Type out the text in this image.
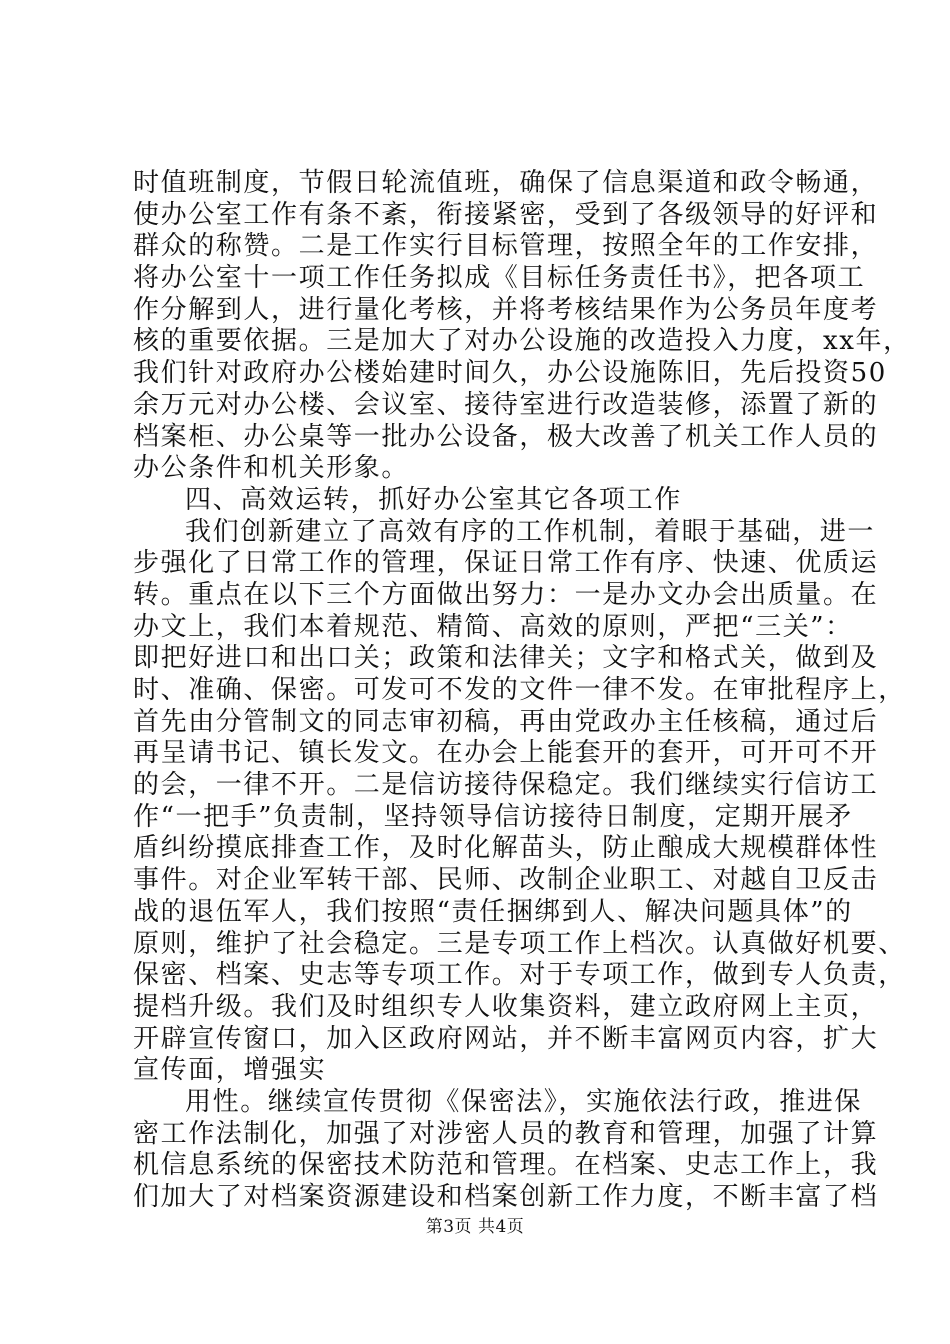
时值班制度，节假日轮流值班，确保了信息渠道和政令畅通，
使办公室工作有条不紊，衔接紧密，受到了各级领导的好评和
群众的称赞。二是工作实行目标管理，按照全年的工作安排，
将办公室十一项工作任务拟成《目标任务责任书》，把各项工
作分解到人，进行量化考核，并将考核结果作为公务员年度考
核的重要依据。三是加大了对办公设施的改造投入力度，xx年，
我们针对政府办公楼始建时间久，办公设施陈旧，先后投资50
余万元对办公楼、会议室、接待室进行改造装修，添置了新的
档案柜、办公桌等一批办公设备，极大改善了机关工作人员的
办公条件和机关形象。
四、高效运转，抓好办公室其它各项工作
我们创新建立了高效有序的工作机制，着眼于基础，进一
步强化了日常工作的管理，保证日常工作有序、快速、优质运
转。重点在以下三个方面做出努力：一是办文办会出质量。在
办文上，我们本着规范、精简、高效的原则，严把“三关”：
即把好进口和出口关；政策和法律关；文字和格式关，做到及
时、准确、保密。可发可不发的文件一律不发。在审批程序上，
首先由分管制文的同志审初稿，再由党政办主任核稿，通过后
再呈请书记、镇长发文。在办会上能套开的套开，可开可不开
的会，一律不开。二是信访接待保稳定。我们继续实行信访工
作“一把手”负责制，坚持领导信访接待日制度，定期开展矛
盾纠纷摸底排查工作，及时化解苗头，防止酿成大规模群体性
事件。对企业军转干部、民师、改制企业职工、对越自卫反击
战的退伍军人，我们按照“责任捆绑到人、解决问题具体”的
原则，维护了社会稳定。三是专项工作上档次。认真做好机要、
保密、档案、史志等专项工作。对于专项工作，做到专人负责，
提档升级。我们及时组织专人收集资料，建立政府网上主页，
开辟宣传窗口，加入区政府网站，并不断丰富网页内容，扩大
宣传面，增强实
用性。继续宣传贯彻《保密法》，实施依法行政，推进保
密工作法制化，加强了对涉密人员的教育和管理，加强了计算
机信息系统的保密技术防范和管理。在档案、史志工作上，我
们加大了对档案资源建设和档案创新工作力度，不断丰富了档
第3页 共4页
